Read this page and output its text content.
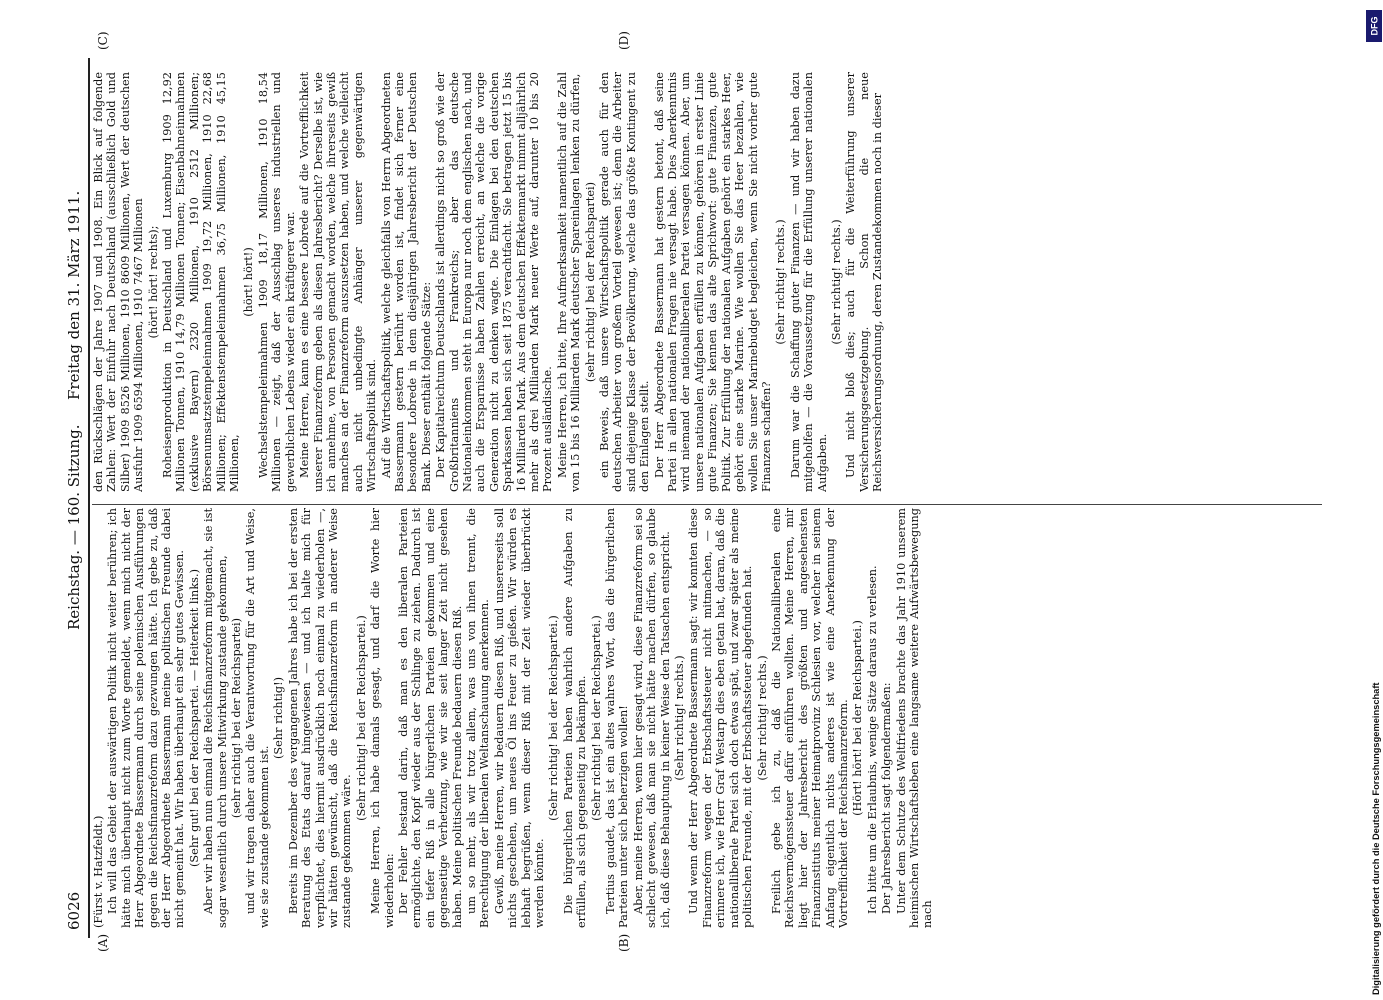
6026
Reichstag. — 160. Sitzung.
Freitag den 31. März 1911.
(A)	(B)
(C)	(D)

(Fürst v. Hatzfeldt.) Ich will das Gebiet der auswärtigen Politik nicht weiter berühren; ich hätte mich überhaupt nicht zum Worte gemeldet, wenn mich nicht der Herr Abgeordnete Bassermann durch seine polemischen Ausführungen gegen die Reichsfinanzreform dazu gezwungen hätte. Ich gebe zu, daß der Herr Abgeordnete Bassermann meine politischen Freunde dabei nicht gemeint hat. Wir haben überhaupt ein sehr gutes Gewissen. (Sehr gut! bei der Reichspartei. — Heiterkeit links.) Aber wir haben nun einmal die Reichsfinanzreform mitgemacht, sie ist sogar wesentlich durch unsere Mitwirkung zustande gekommen, (sehr richtig! bei der Reichspartei) und wir tragen daher auch die Verantwortung für die Art und Weise, wie sie zustande gekommen ist.

(Sehr richtig!) Bereits im Dezember des vergangenen Jahres habe ich bei der ersten Beratung des Etats darauf hingewiesen — und ich halte mich für verpflichtet, dies hiermit ausdrücklich noch einmal zu wiederholen —, wir hätten gewünscht, daß die Reichsfinanzreform in anderer Weise zustande gekommen wäre.

(Sehr richtig! bei der Reichspartei.) Meine Herren, ich habe damals gesagt, und darf die Worte hier wiederholen: Der Fehler bestand darin, daß man es den liberalen Parteien ermöglichte, den Kopf wieder aus der Schlinge zu ziehen. Dadurch ist ein tiefer Riß in alle bürgerlichen Parteien gekommen und eine gegenseitige Verhetzung, wie wir sie seit langer Zeit nicht gesehen haben. Meine politischen Freunde bedauern diesen Riß. um so mehr, als wir trotz allem, was uns von ihnen trennt, die Berechtigung der liberalen Weltanschauung anerkennen. Gewiß, meine Herren, wir bedauern diesen Riß, und unsererseits soll nichts geschehen, um neues Öl ins Feuer zu gießen. Wir würden es lebhaft begrüßen, wenn dieser Riß mit der Zeit wieder überbrückt werden könnte.

(Sehr richtig! bei der Reichspartei.) Die bürgerlichen Parteien haben wahrlich andere Aufgaben zu erfüllen, als sich gegenseitig zu bekämpfen. (Sehr richtig! bei der Reichspartei.) Tertius gaudet, das ist ein altes wahres Wort, das die bürgerlichen Parteien unter sich beherzigen wollen! Aber, meine Herren, wenn hier gesagt wird, diese Finanzreform sei so schlecht gewesen, daß man sie nicht hätte machen dürfen, so glaube ich, daß diese Behauptung in keiner Weise den Tatsachen entspricht. (Sehr richtig! rechts.) Und wenn der Herr Abgeordnete Bassermann sagt: wir konnten diese Finanzreform wegen der Erbschaftssteuer nicht mitmachen, — so erinnere ich, wie Herr Graf Westarp dies eben getan hat, daran, daß die nationalliberale Partei sich doch etwas spät, und zwar später als meine politischen Freunde, mit der Erbschaftssteuer abgefunden hat. (Sehr richtig! rechts.) Freilich gebe ich zu, daß die Nationalliberalen eine Reichsvermögenssteuer dafür einführen wollten. Meine Herren, mir liegt hier der Jahresbericht des größten und angesehensten Finanzinstituts meiner Heimatprovinz Schlesien vor, welcher in seinem Anfang eigentlich nichts anderes ist wie eine Anerkennung der Vortrefflichkeit der Reichsfinanzreform. (Hört! hört! bei der Reichspartei.) Ich bitte um die Erlaubnis, wenige Sätze daraus zu verlesen. Der Jahresbericht sagt folgendermaßen: Unter dem Schutze des Weltfriedens brachte das Jahr 1910 unserem heimischen Wirtschaftsleben eine langsame weitere Aufwärtsbewegung nach

den Rückschlägen der Jahre 1907 und 1908. Ein Blick auf folgende Zahlen: Wert der Einfuhr nach Deutschland (ausschließlich Gold und Silber) 1909 8526 Millionen, 1910 8609 Millionen, Wert der deutschen Ausfuhr 1909 6594 Millionen, 1910 7467 Millionen (hört! hört! rechts); Roheisenproduktion in Deutschland und Luxemburg 1909 12,92 Millionen Tonnen, 1910 14,79 Millionen Tonnen; Eisenbahneinnahmen (exklusive Bayern) 2320 Millionen, 1910 2512 Millionen; Börsenumsatzstempeleinnahmen 1909 19,72 Millionen, 1910 22,68 Millionen; Effektenstempeleinnahmen 36,75 Millionen, 1910 45,15 Millionen,

(hört! hört!) Wechselstempeleinnahmen 1909 18,17 Millionen, 1910 18,54 Millionen — zeigt, daß der Ausschlag unseres industriellen und gewerblichen Lebens wieder ein kräftigerer war. Meine Herren, kann es eine bessere Lobrede auf die Vortrefflichkeit unserer Finanzreform geben als diesen Jahresbericht? Derselbe ist, wie ich annehme, von Personen gemacht worden, welche ihrerseits gewiß manches an der Finanzreform auszusetzen haben, und welche vielleicht auch nicht unbedingte Anhänger unserer gegenwärtigen Wirtschaftspolitik sind. Auf die Wirtschaftspolitik, welche gleichfalls von Herrn Abgeordneten Bassermann gestern berührt worden ist, findet sich ferner eine besondere Lobrede in dem diesjährigen Jahresbericht der Deutschen Bank. Dieser enthält folgende Sätze: Der Kapitalreichtum Deutschlands ist allerdings nicht so groß wie der Großbritanniens und Frankreichs; aber das deutsche Nationaleinkommen steht in Europa nur noch dem englischen nach, und auch die Ersparnisse haben Zahlen erreicht, an welche die vorige Generation nicht zu denken wagte. Die Einlagen bei den deutschen Sparkassen haben sich seit 1875 verachtfacht. Sie betragen jetzt 15 bis 16 Milliarden Mark. Aus dem deutschen Effektenmarkt nimmt alljährlich mehr als drei Milliarden Mark neuer Werte auf, darunter 10 bis 20 Prozent ausländische. Meine Herren, ich bitte, Ihre Aufmerksamkeit namentlich auf die Zahl von 15 bis 16 Milliarden Mark deutscher Spareinlagen lenken zu dürfen, (sehr richtig! bei der Reichspartei) ein Beweis, daß unsere Wirtschaftspolitik gerade auch für den deutschen Arbeiter von großem Vorteil gewesen ist; denn die Arbeiter sind diejenige Klasse der Bevölkerung, welche das größte Kontingent zu den Einlagen stellt. Der Herr Abgeordnete Bassermann hat gestern betont, daß seine Partei in allen nationalen Fragen nie versagt habe. Dies Anerkenntnis wird niemand der nationalliberalen Partei versagen können. Aber, um unsere nationalen Aufgaben erfüllen zu können, gehören in erster Linie gute Finanzen; Sie kennen das alte Sprichwort: gute Finanzen, gute Politik. Zur Erfüllung der nationalen Aufgaben gehört ein starkes Heer, gehört eine starke Marine. Wie wollen Sie das Heer bezahlen, wie wollen Sie unser Marinebudget begleichen, wenn Sie nicht vorher gute Finanzen schaffen?

(Sehr richtig! rechts.) Darum war die Schaffung guter Finanzen — und wir haben dazu mitgeholfen — die Voraussetzung für die Erfüllung unserer nationalen Aufgaben.

(Sehr richtig! rechts.) Und nicht bloß dies; auch für die Weiterführung unserer Versicherungsgesetzgebung. Schon die neue Reichsversicherungsordnung, deren Zustandekommen noch in dieser

DFG
Digitalisierung gefördert durch die Deutsche Forschungsgemeinschaft
